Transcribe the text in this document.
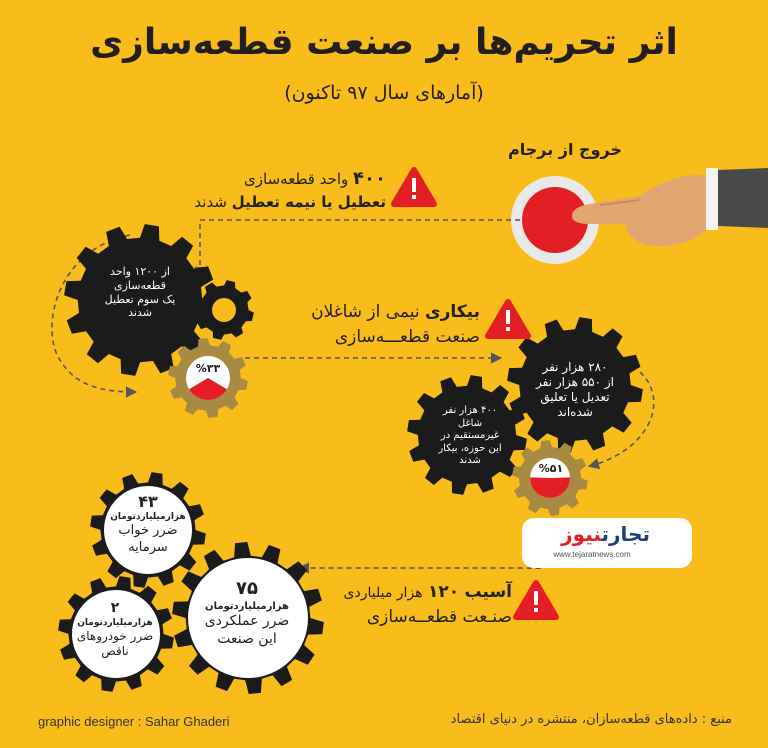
اثر تحریم‌ها بر صنعت قطعه‌سازی
(آمارهای سال ۹۷ تاکنون)
خروج از برجام
۴۰۰ واحد قطعه‌سازی
تعطیل یا نیمه تعطیل شدند
بیکاری نیمی از شاغلان
صنعت قطعـــه‌سازی
آسیب ۱۲۰ هزار میلیاردی
صنـعت قطعــه‌سازی
از ۱۲۰۰ واحد
قطعه‌سازی
یک سوم تعطیل
شدند
%۳۳	۲۸۰ هزار نفر
از ۵۵۰ هزار نفر
تعدیل یا تعلیق
شده‌اند
۴۰۰ هزار نفر
شاغل
غیرمستقیم در
این حوزه، بیکار
شدند
%۵۱
۴۳
هزارمیلیاردتومان
ضرر خواب
سرمایه
۷۵
هزارمیلیاردتومان
ضرر عملکردی
این صنعت
۲
هزارمیلیاردتومان
ضرر خودروهای
ناقص
تجارتنیوز
www.tejaratnews.com
graphic designer : Sahar Ghaderi	منبع : داده‌های قطعه‌سازان، منتشره در دنیای اقتصاد
